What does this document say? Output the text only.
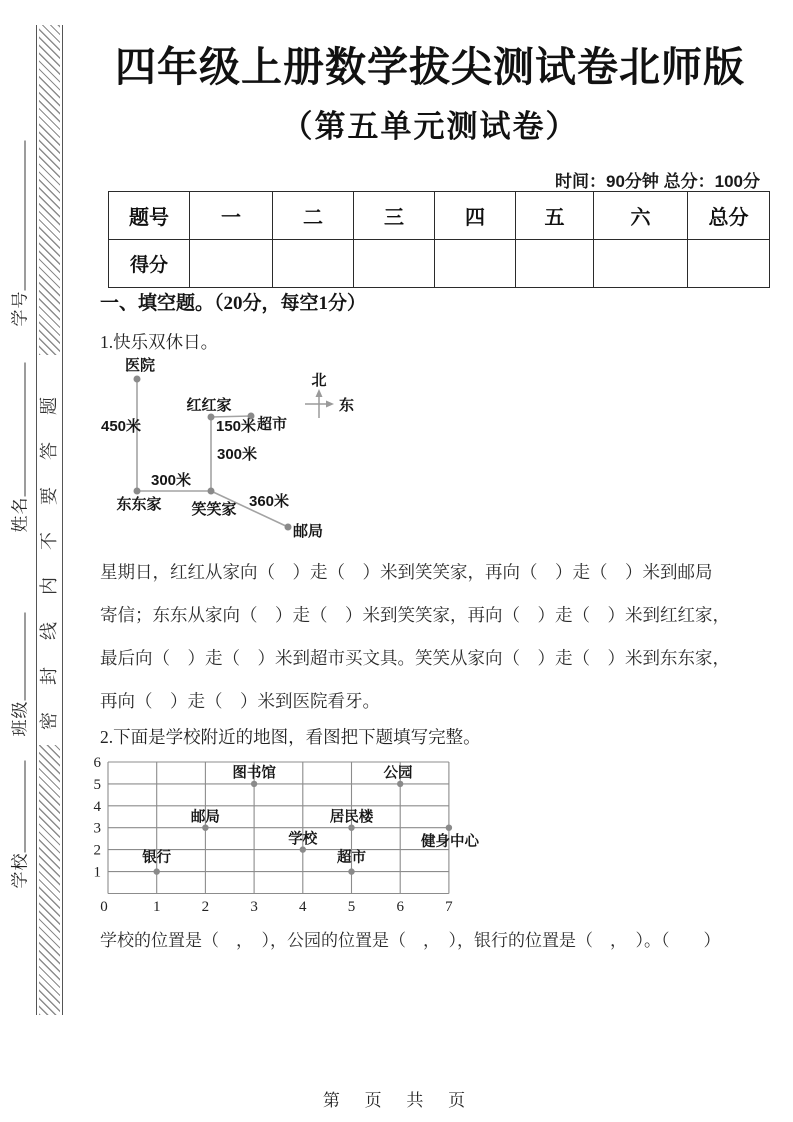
学校班级姓名学号
密封线内不要答题
四年级上册数学拔尖测试卷北师版
（第五单元测试卷）
时间：90分钟 总分：100分
题号	一	二	三	四	五	六	总分
得分							
一、填空题。（20分，每空1分）
1.快乐双休日。
医院
红红家
超市
东东家 笑笑家
邮局
450米	150米
300米
300米
360米
北
东
星期日，红红从家向（　）走（　）米到笑笑家，再向（　）走（　）米到邮局
寄信；东东从家向（　）走（　）米到笑笑家，再向（　）走（　）米到红红家，
最后向（　）走（　）米到超市买文具。笑笑从家向（　）走（　）米到东东家，
再向（　）走（　）米到医院看牙。
2.下面是学校附近的地图，看图把下题填写完整。
6
5
4
3
2
1
0	1	2	3	4	5	6	7
图书馆	公园
邮局	居民楼
健身中心
学校
银行	超市
学校的位置是（　，　），公园的位置是（　，　），银行的位置是（　，　）。（　　）
第 页 共 页
